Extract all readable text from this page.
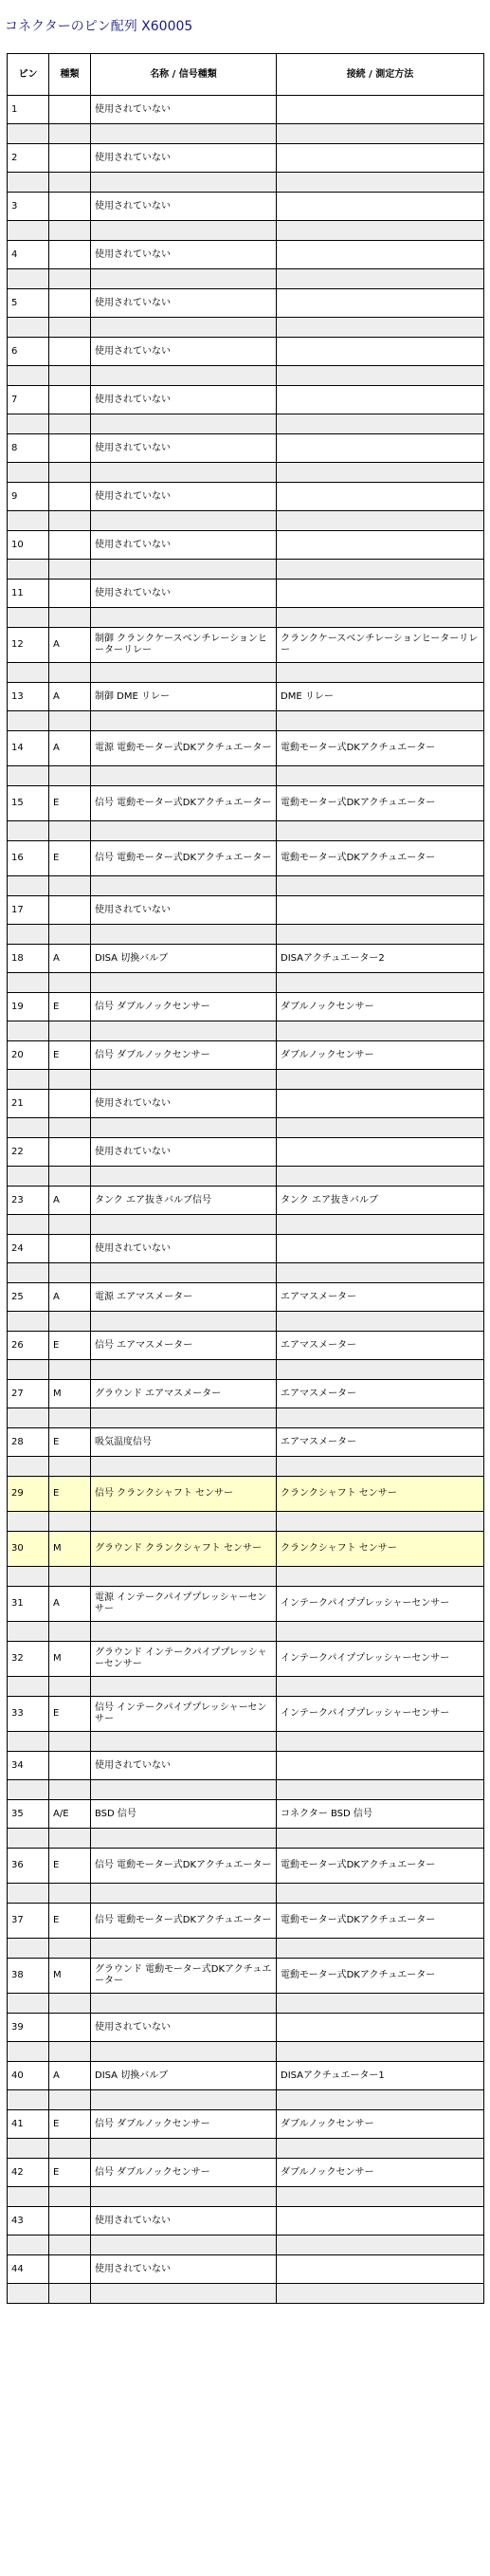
コネクターのピン配列 X60005
ピン	種類	名称 / 信号種類	接続 / 測定方法
1		使用されていない	

2		使用されていない	

3		使用されていない	

4		使用されていない	

5		使用されていない	

6		使用されていない	

7		使用されていない	

8		使用されていない	

9		使用されていない	

10		使用されていない	

11		使用されていない	

12	A	制御 クランクケースベンチレーションヒーターリレー	クランクケースベンチレーションヒーターリレー

13	A	制御 DME リレー	DME リレー

14	A	電源 電動モーター式DKアクチュエーター	電動モーター式DKアクチュエーター

15	E	信号 電動モーター式DKアクチュエーター	電動モーター式DKアクチュエーター

16	E	信号 電動モーター式DKアクチュエーター	電動モーター式DKアクチュエーター

17		使用されていない	

18	A	DISA 切換バルブ	DISAアクチュエーター2

19	E	信号 ダブルノックセンサー	ダブルノックセンサー

20	E	信号 ダブルノックセンサー	ダブルノックセンサー

21		使用されていない	

22		使用されていない	

23	A	タンク エア抜きバルブ信号	タンク エア抜きバルブ

24		使用されていない	

25	A	電源 エアマスメーター	エアマスメーター

26	E	信号 エアマスメーター	エアマスメーター

27	M	グラウンド エアマスメーター	エアマスメーター

28	E	吸気温度信号	エアマスメーター

29	E	信号 クランクシャフト センサー	クランクシャフト センサー

30	M	グラウンド クランクシャフト センサー	クランクシャフト センサー

31	A	電源 インテークパイププレッシャーセンサー	インテークパイププレッシャーセンサー

32	M	グラウンド インテークパイププレッシャーセンサー	インテークパイププレッシャーセンサー

33	E	信号 インテークパイププレッシャーセンサー	インテークパイププレッシャーセンサー

34		使用されていない	

35	A/E	BSD 信号	コネクター BSD 信号

36	E	信号 電動モーター式DKアクチュエーター	電動モーター式DKアクチュエーター

37	E	信号 電動モーター式DKアクチュエーター	電動モーター式DKアクチュエーター

38	M	グラウンド 電動モーター式DKアクチュエーター	電動モーター式DKアクチュエーター

39		使用されていない	

40	A	DISA 切換バルブ	DISAアクチュエーター1

41	E	信号 ダブルノックセンサー	ダブルノックセンサー

42	E	信号 ダブルノックセンサー	ダブルノックセンサー

43		使用されていない	

44		使用されていない	
